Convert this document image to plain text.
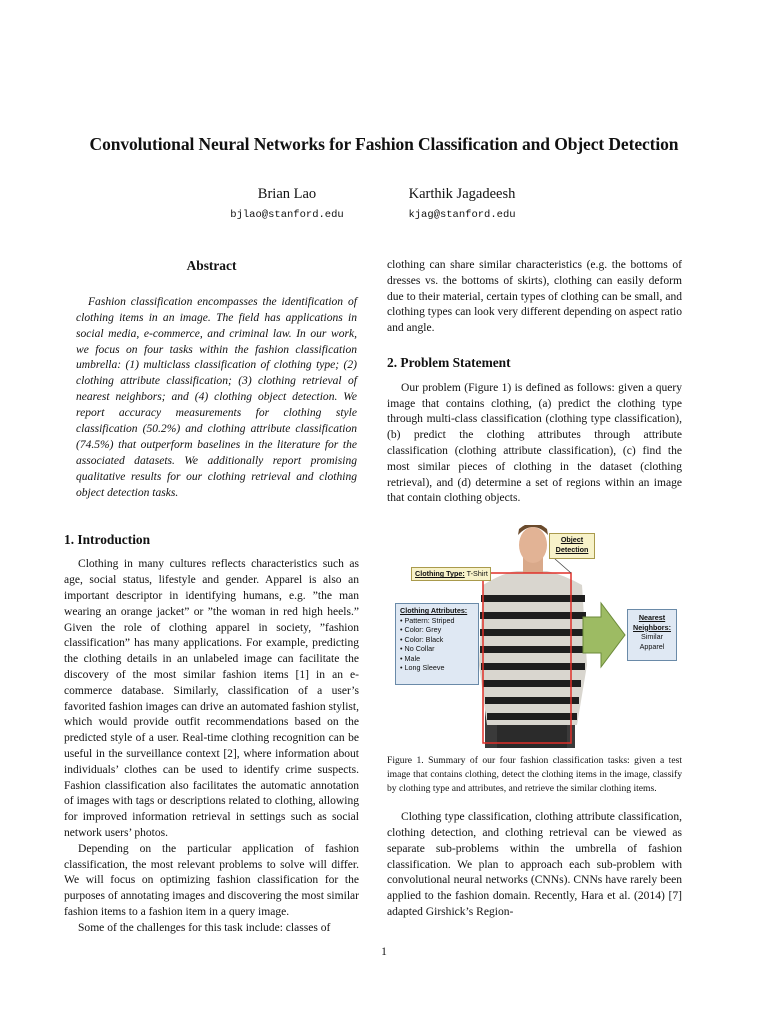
Convolutional Neural Networks for Fashion Classification and Object Detection
Brian Lao
bjlao@stanford.edu
Karthik Jagadeesh
kjag@stanford.edu
Abstract

Fashion classification encompasses the identification of clothing items in an image. The field has applications in social media, e-commerce, and criminal law. In our work, we focus on four tasks within the fashion classification umbrella: (1) multiclass classification of clothing type; (2) clothing attribute classification; (3) clothing retrieval of nearest neighbors; and (4) clothing object detection. We report accuracy measurements for clothing style classification (50.2%) and clothing attribute classification (74.5%) that outperform baselines in the literature for the associated datasets. We additionally report promising qualitative results for our clothing retrieval and clothing object detection tasks.

1. Introduction

Clothing in many cultures reflects characteristics such as age, social status, lifestyle and gender. Apparel is also an important descriptor in identifying humans, e.g. ”the man wearing an orange jacket” or ”the woman in red high heels.” Given the role of clothing apparel in society, ”fashion classification” has many applications. For example, predicting the clothing details in an unlabeled image can facilitate the discovery of the most similar fashion items [1] in an e-commerce database. Similarly, classification of a user’s favorited fashion images can drive an automated fashion stylist, which would provide outfit recommendations based on the predicted style of a user. Real-time clothing recognition can be useful in the surveillance context [2], where information about individuals’ clothes can be used to identify crime suspects. Fashion classification also facilitates the automatic annotation of images with tags or descriptions related to clothing, allowing for improved information retrieval in settings such as social network users’ photos.

Depending on the particular application of fashion classification, the most relevant problems to solve will differ. We will focus on optimizing fashion classification for the purposes of annotating images and discovering the most similar fashion items to a fashion item in a query image.

Some of the challenges for this task include: classes of

clothing can share similar characteristics (e.g. the bottoms of dresses vs. the bottoms of skirts), clothing can easily deform due to their material, certain types of clothing can be small, and clothing types can look very different depending on aspect ratio and angle.

2. Problem Statement

Our problem (Figure 1) is defined as follows: given a query image that contains clothing, (a) predict the clothing type through multi-class classification (clothing type classification), (b) predict the clothing attributes through attribute classification (clothing attribute classification), (c) find the most similar pieces of clothing in the dataset (clothing retrieval), and (d) determine a set of regions within an image that contain clothing objects.

Object
Detection
Clothing Type: T-Shirt
Clothing Attributes:
• Pattern: Striped
• Color: Grey
• Color: Black
• No Collar
• Male
• Long Sleeve
Nearest
Neighbors:
Similar
Apparel

Figure 1. Summary of our four fashion classification tasks: given a test image that contains clothing, detect the clothing items in the image, classify by clothing type and attributes, and retrieve the similar clothing items.

Clothing type classification, clothing attribute classification, clothing detection, and clothing retrieval can be viewed as separate sub-problems within the umbrella of fashion classification. We plan to approach each sub-problem with convolutional neural networks (CNNs). CNNs have rarely been applied to the fashion domain. Recently, Hara et al. (2014) [7] adapted Girshick’s Region-

1
